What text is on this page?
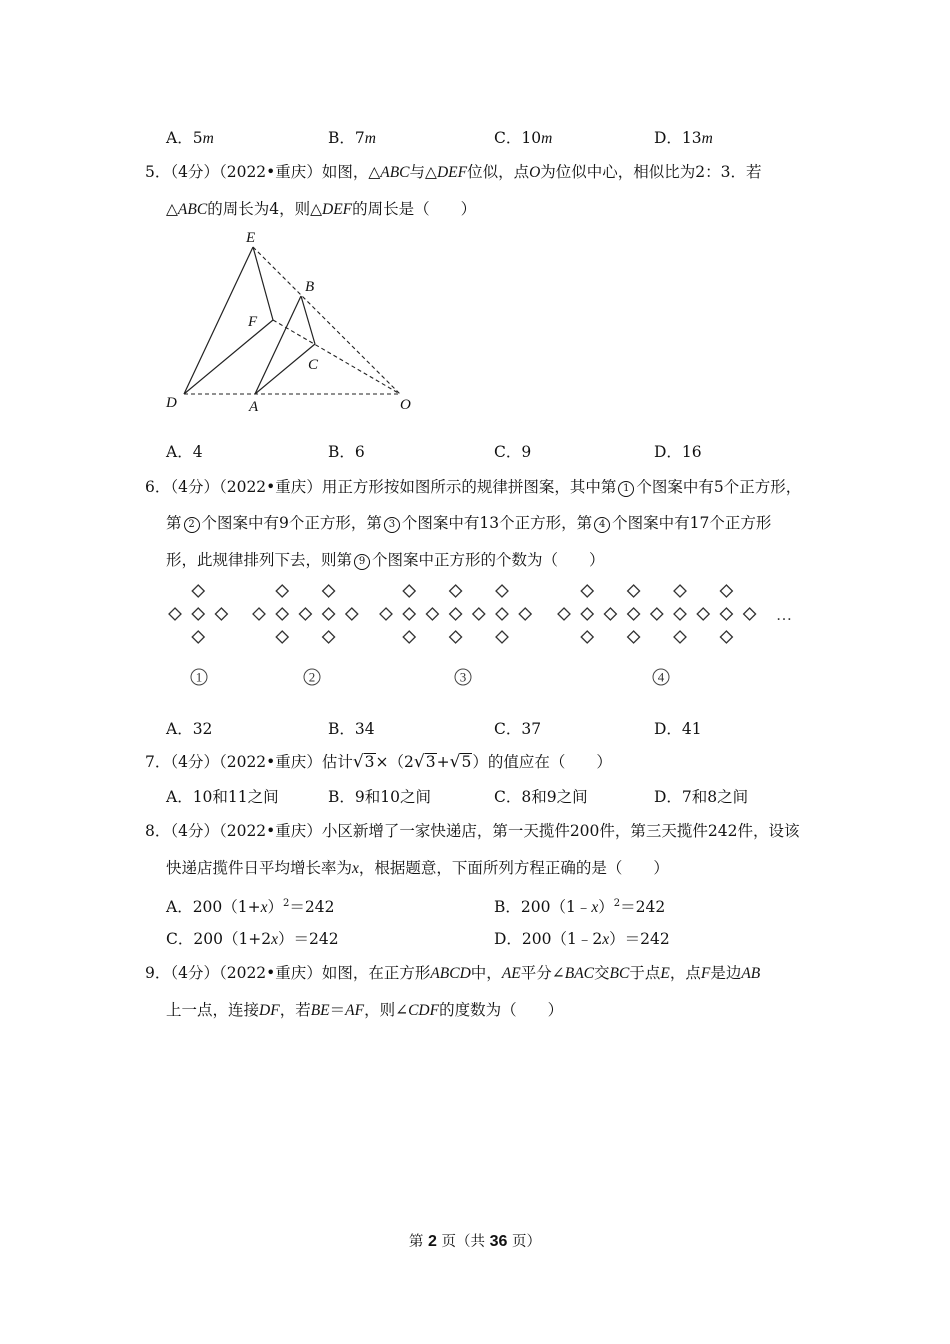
A．5m	B．7m	C．10m	D．13m
5．（4分）（2022•重庆）如图，△ABC与△DEF位似，点O为位似中心，相似比为2：3．若
△ABC的周长为4，则△DEF的周长是（　　）
E
B
F
C
D	A	O
A．4	B．6	C．9	D．16
6．（4分）（2022•重庆）用正方形按如图所示的规律拼图案，其中第 1 个图案中有5个正方形，
第 2 个图案中有9个正方形，第 3 个图案中有13个正方形，第 4 个图案中有17个正方形
形，此规律排列下去，则第 9 个图案中正方形的个数为（　　）
…
1	2	3	4
A．32	B．34	C．37	D．41
7．（4分）（2022•重庆）估计√3×（2√3+√5）的值应在（　　）
A．10和11之间	B．9和10之间	C．8和9之间	D．7和8之间
8．（4分）（2022•重庆）小区新增了一家快递店，第一天揽件200件，第三天揽件242件，设该
快递店揽件日平均增长率为x，根据题意，下面所列方程正确的是（　　）
A．$200(1+x)^2=242$	B．200（1﹣x）$^2$＝242
C．200（1+2x）＝242	D．200（1﹣2x）＝242
9．（4分）（2022•重庆）如图，在正方形ABCD中，AE平分∠BAC交BC于点E，点F是边AB
上一点，连接DF，若BE＝AF，则∠CDF的度数为（　　）
第 2 页（共 36 页）
